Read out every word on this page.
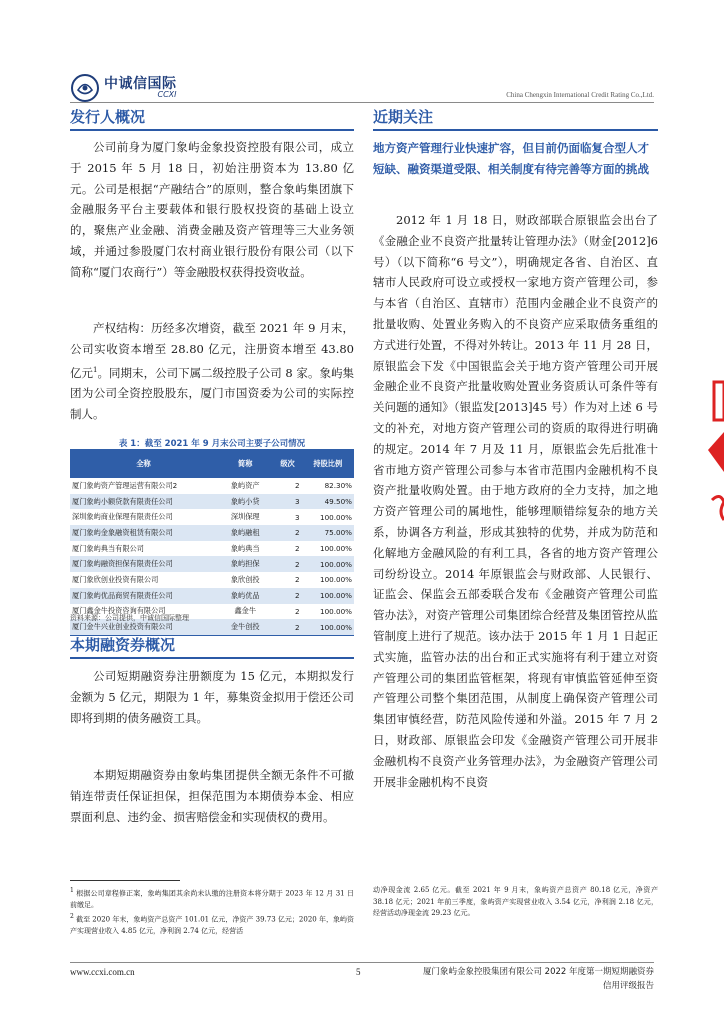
中诚信国际
CCXI	China Chengxin International Credit Rating Co.,Ltd.
发行人概况

公司前身为厦门象屿金象投资控股有限公司，成立于 2015 年 5 月 18 日，初始注册资本为 13.80 亿元。公司是根据“产融结合”的原则，整合象屿集团旗下金融服务平台主要载体和银行股权投资的基础上设立的，聚焦产业金融、消费金融及资产管理等三大业务领域，并通过参股厦门农村商业银行股份有限公司（以下简称“厦门农商行”）等金融股权获得投资收益。

产权结构：历经多次增资，截至 2021 年 9 月末，公司实收资本增至 28.80 亿元，注册资本增至 43.80 亿元$^1$。同期末，公司下属二级控股子公司 8 家。象屿集团为公司全资控股股东，厦门市国资委为公司的实际控制人。

表 1：截至 2021 年 9 月末公司主要子公司情况
全称	简称	级次	持股比例
厦门象屿资产管理运营有限公司2	象屿资产	2	82.30%
厦门象屿小额贷款有限责任公司	象屿小贷	3	49.50%
深圳象屿商业保理有限责任公司	深圳保理	3	100.00%
厦门象屿金象融资租赁有限公司	象屿融租	2	75.00%
厦门象屿典当有限公司	象屿典当	2	100.00%
厦门象屿融资担保有限责任公司	象屿担保	2	100.00%
厦门象欣创业投资有限公司	象欣创投	2	100.00%
厦门象屿优品商贸有限责任公司	象屿优品	2	100.00%
厦门鑫金牛投资咨询有限公司	鑫金牛	2	100.00%
厦门金牛兴业创业投资有限公司	金牛创投	2	100.00%
资料来源：公司提供，中诚信国际整理
本期融资券概况

公司短期融资券注册额度为 15 亿元，本期拟发行金额为 5 亿元，期限为 1 年，募集资金拟用于偿还公司即将到期的债务融资工具。

本期短期融资券由象屿集团提供全额无条件不可撤销连带责任保证担保，担保范围为本期债券本金、相应票面利息、违约金、损害赔偿金和实现债权的费用。

近期关注

地方资产管理行业快速扩容，但目前仍面临复合型人才短缺、融资渠道受限、相关制度有待完善等方面的挑战

2012 年 1 月 18 日，财政部联合原银监会出台了《金融企业不良资产批量转让管理办法》（财金[2012]6 号）（以下简称“6 号文”），明确规定各省、自治区、直辖市人民政府可设立或授权一家地方资产管理公司，参与本省（自治区、直辖市）范围内金融企业不良资产的批量收购、处置业务购入的不良资产应采取债务重组的方式进行处置，不得对外转让。2013 年 11 月 28 日，原银监会下发《中国银监会关于地方资产管理公司开展金融企业不良资产批量收购处置业务资质认可条件等有关问题的通知》（银监发[2013]45 号）作为对上述 6 号文的补充，对地方资产管理公司的资质的取得进行明确的规定。2014 年 7 月及 11 月，原银监会先后批准十省市地方资产管理公司参与本省市范围内金融机构不良资产批量收购处置。由于地方政府的全力支持，加之地方资产管理公司的属地性，能够理顺错综复杂的地方关系，协调各方利益，形成其独特的优势，并成为防范和化解地方金融风险的有利工具，各省的地方资产管理公司纷纷设立。2014 年原银监会与财政部、人民银行、证监会、保监会五部委联合发布《金融资产管理公司监管办法》，对资产管理公司集团综合经营及集团管控从监管制度上进行了规范。该办法于 2015 年 1 月 1 日起正式实施，监管办法的出台和正式实施将有利于建立对资产管理公司的集团监管框架，将现有审慎监管延伸至资产管理公司整个集团范围，从制度上确保资产管理公司集团审慎经营，防范风险传递和外溢。2015 年 7 月 2 日，财政部、原银监会印发《金融资产管理公司开展非金融机构不良资产业务管理办法》，为金融资产管理公司开展非金融机构不良资

$^1$ 根据公司章程修正案，象屿集团其余尚未认缴的注册资本将分期于 2023 年 12 月 31 日前缴足。

$^2$ 截至 2020 年末，象屿资产总资产 101.01 亿元，净资产 39.73 亿元；2020 年，象屿资产实现营业收入 4.85 亿元，净利润 2.74 亿元，经营活

动净现金流 2.65 亿元。截至 2021 年 9 月末，象屿资产总资产 80.18 亿元，净资产 38.18 亿元；2021 年前三季度，象屿资产实现营业收入 3.54 亿元，净利润 2.18 亿元，经营活动净现金流 29.23 亿元。

www.ccxi.com.cn	5	厦门象屿金象控股集团有限公司 2022 年度第一期短期融资券
信用评级报告
